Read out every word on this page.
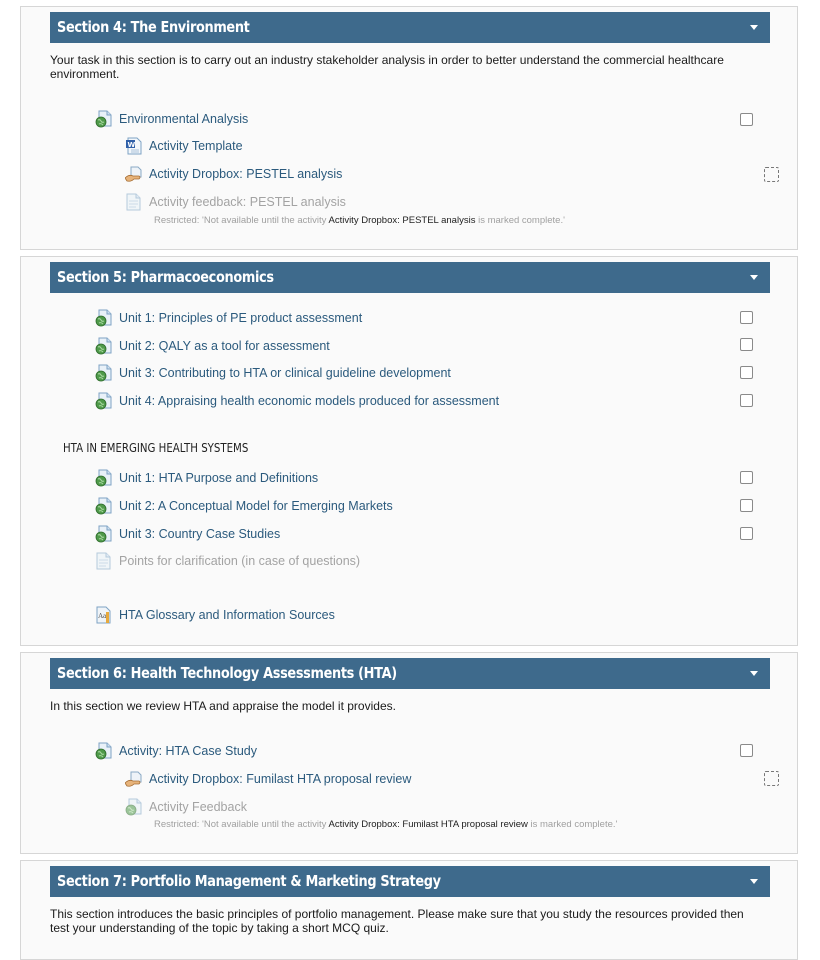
Section 4: The Environment
Your task in this section is to carry out an industry stakeholder analysis in order to better understand the commercial healthcare environment.
Environmental Analysis
Activity Template
Activity Dropbox: PESTEL analysis
Activity feedback: PESTEL analysis
Restricted: 'Not available until the activity Activity Dropbox: PESTEL analysis is marked complete.'
Section 5: Pharmacoeconomics
Unit 1: Principles of PE product assessment
Unit 2: QALY as a tool for assessment
Unit 3: Contributing to HTA or clinical guideline development
Unit 4: Appraising health economic models produced for assessment
HTA IN EMERGING HEALTH SYSTEMS
Unit 1: HTA Purpose and Definitions
Unit 2: A Conceptual Model for Emerging Markets
Unit 3: Country Case Studies
Points for clarification (in case of questions)
HTA Glossary and Information Sources
Section 6: Health Technology Assessments (HTA)
In this section we review HTA and appraise the model it provides.
Activity: HTA Case Study
Activity Dropbox: Fumilast HTA proposal review
Activity Feedback
Restricted: 'Not available until the activity Activity Dropbox: Fumilast HTA proposal review is marked complete.'
Section 7: Portfolio Management & Marketing Strategy
This section introduces the basic principles of portfolio management. Please make sure that you study the resources provided then test your understanding of the topic by taking a short MCQ quiz.
